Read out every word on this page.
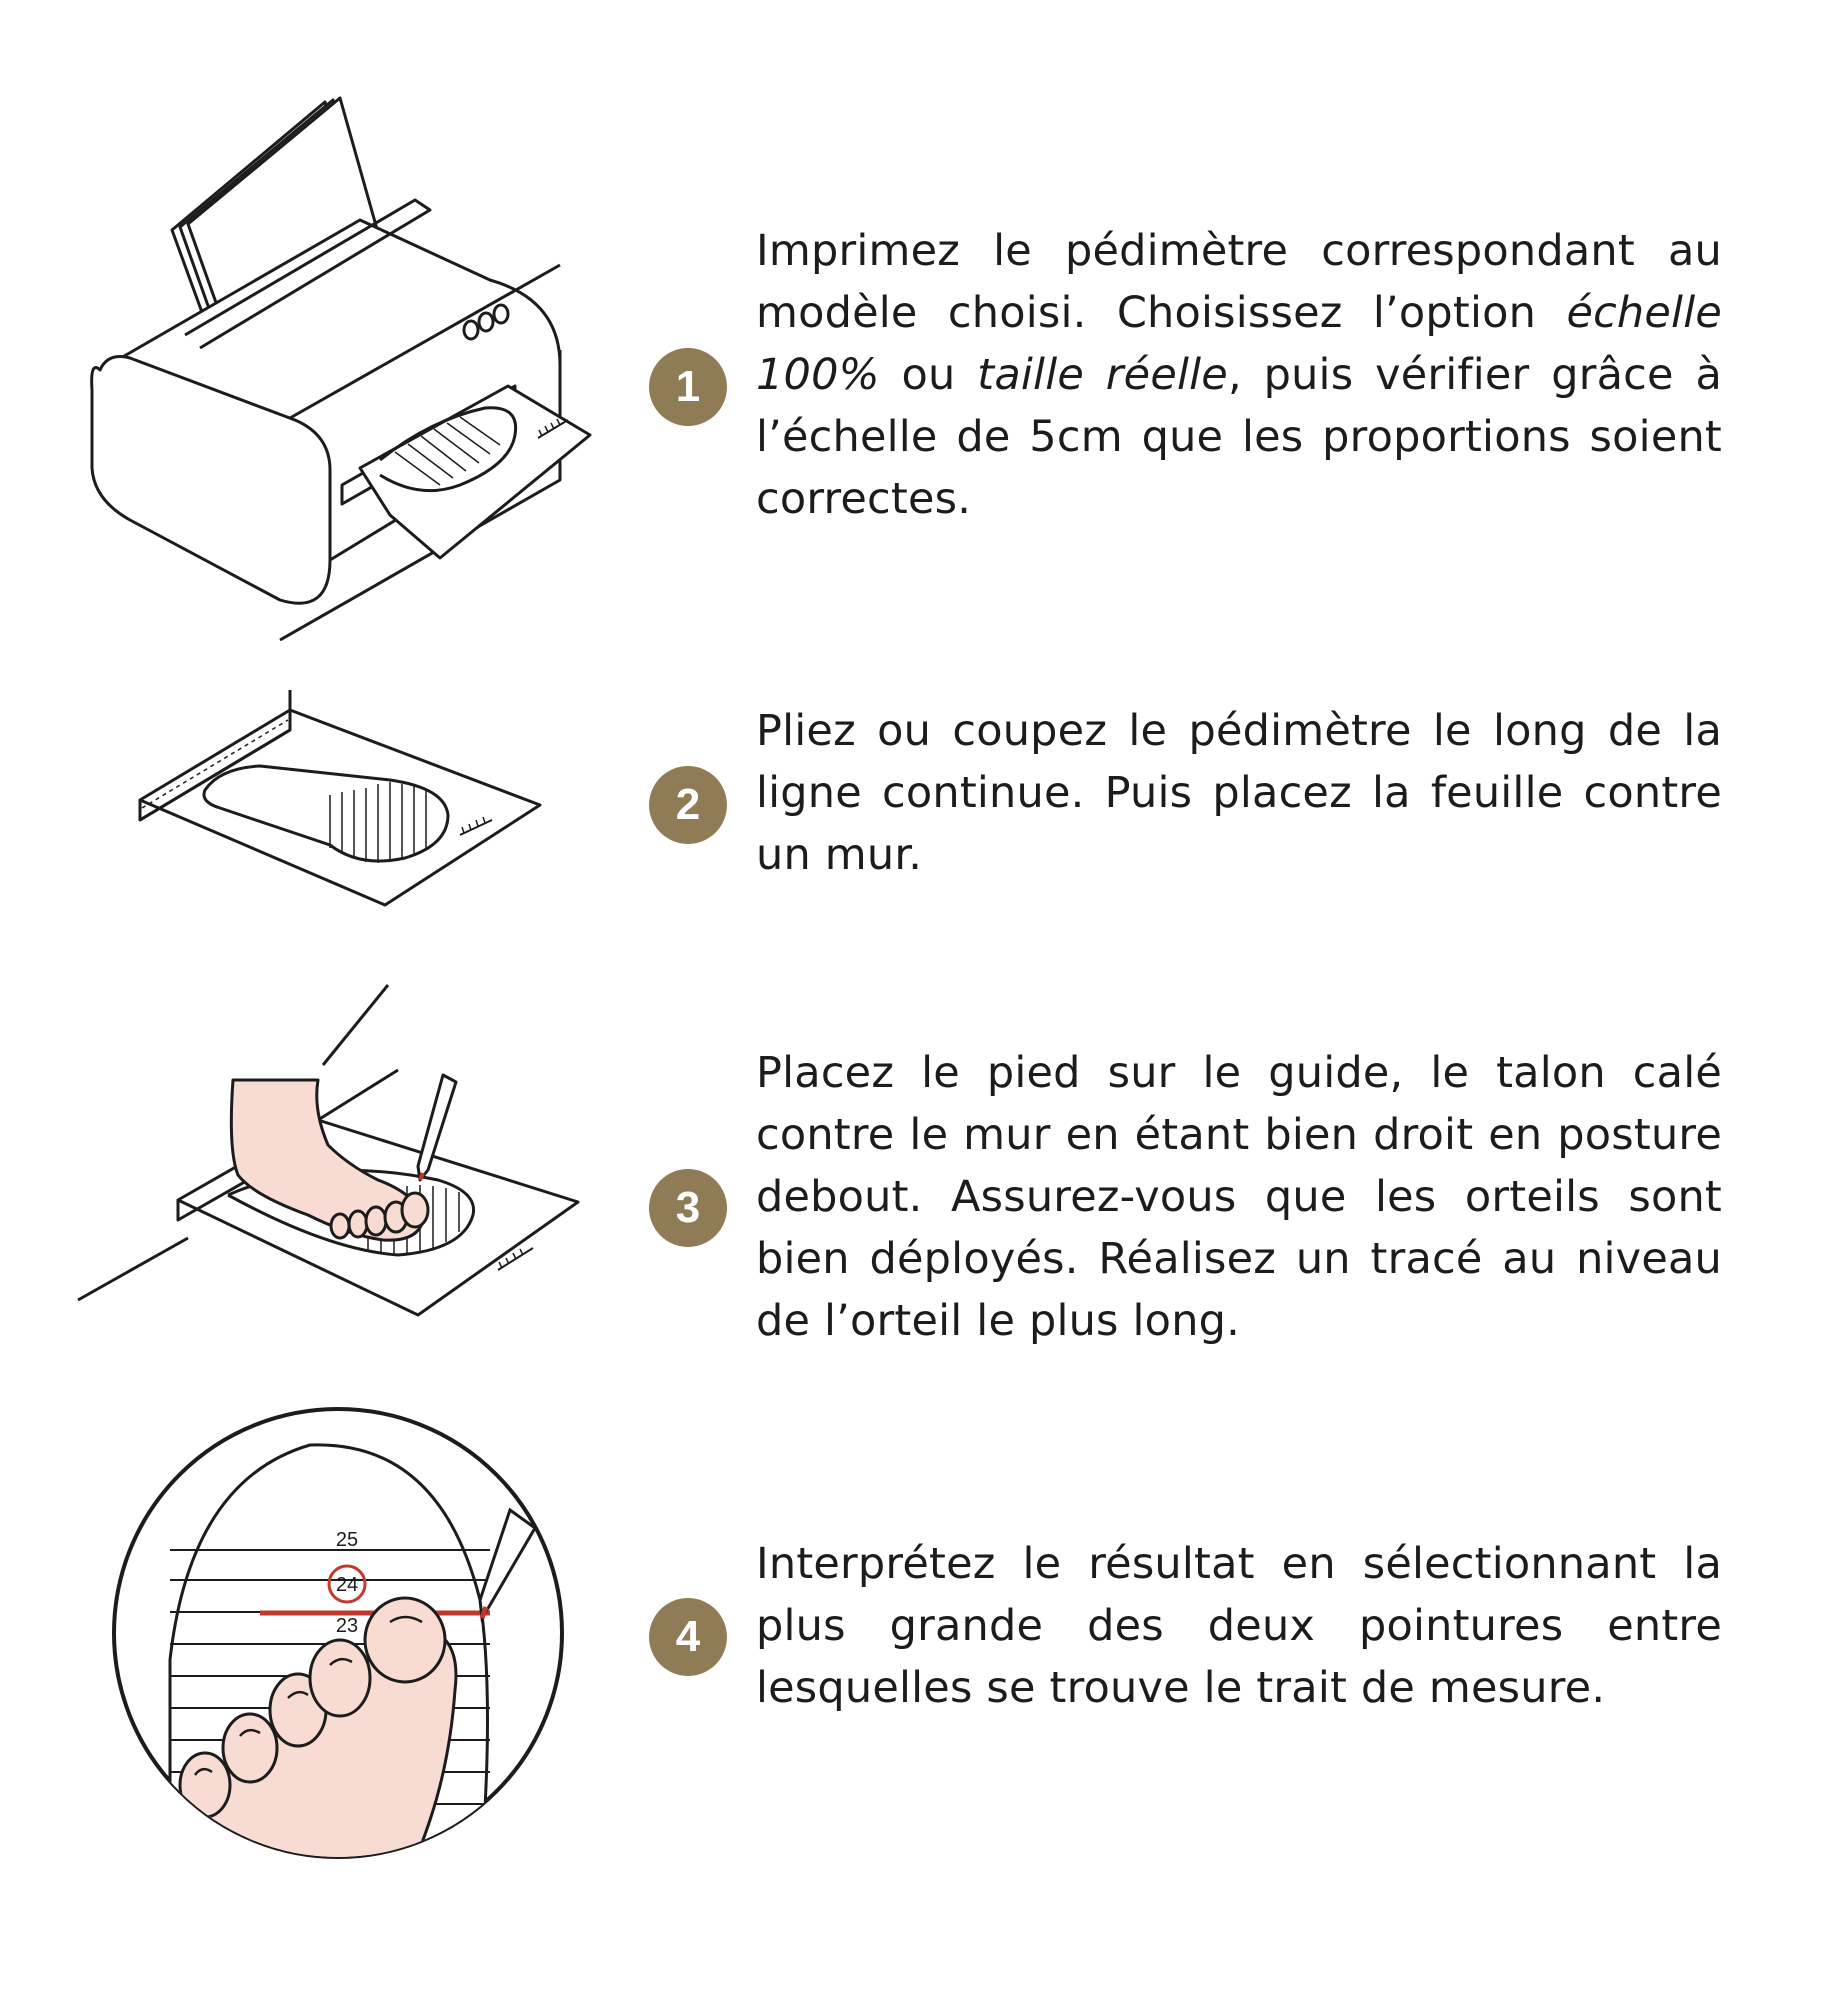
1
Imprimez le pédimètre correspondant au modèle choisi. Choisissez l’option échelle 100% ou taille réelle, puis vérifier grâce à l’échelle de 5cm que les proportions soient correctes.
2
Pliez ou coupez le pédimètre le long de la ligne continue. Puis placez la feuille contre un mur.
3
Placez le pied sur le guide, le talon calé contre le mur en étant bien droit en posture debout. Assurez-vous que les orteils sont bien déployés. Réalisez un tracé au niveau de l’orteil le plus long.
25
24
23	4
Interprétez le résultat en sélectionnant la plus grande des deux pointures entre lesquelles se trouve le trait de mesure.
